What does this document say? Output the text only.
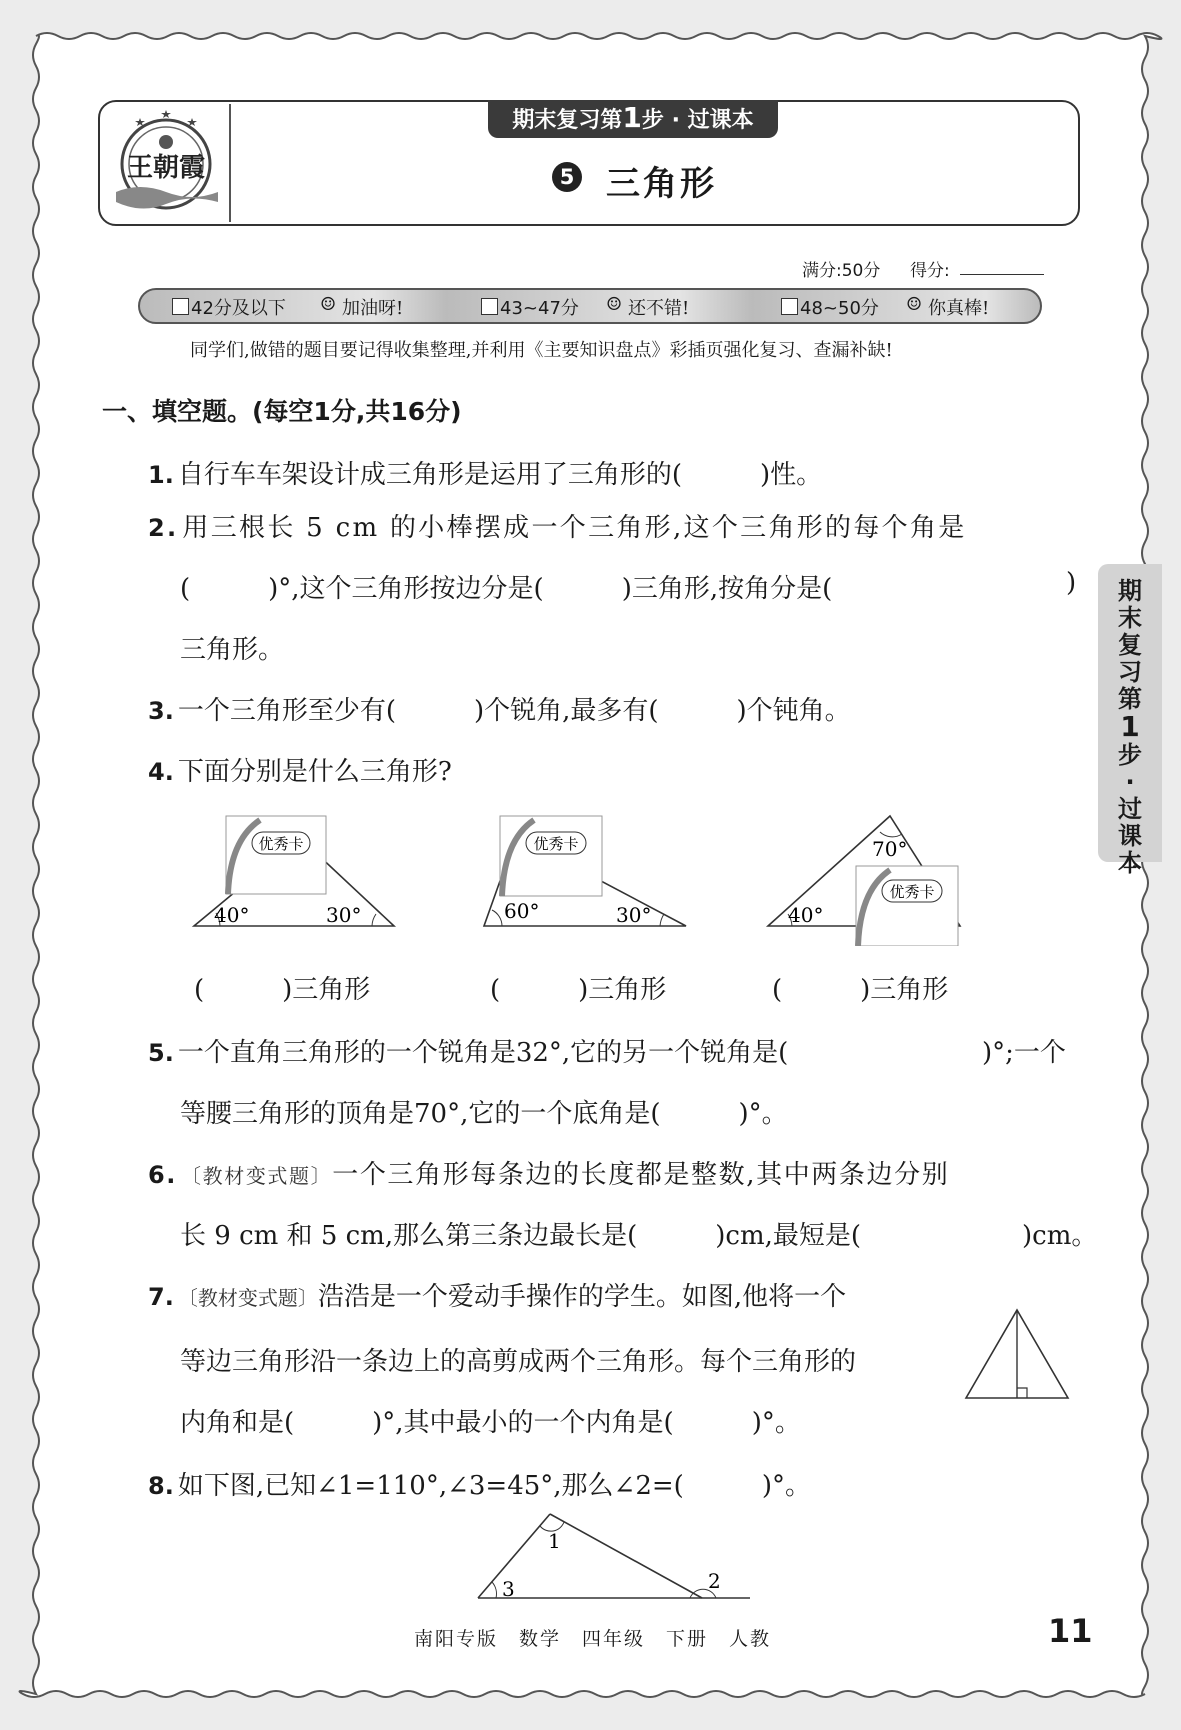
王朝霞
期末复习第1步 · 过课本
5 三角形
满分:50分 得分:
42分及以下 ☺ 加油呀!	43~47分 ☺ 还不错!	48~50分 ☺ 你真棒!
同学们,做错的题目要记得收集整理,并利用《主要知识盘点》彩插页强化复习、查漏补缺!
一、填空题。(每空1分,共16分)
1. 自行车车架设计成三角形是运用了三角形的(　　　)性。
2. 用三根长 5 cm 的小棒摆成一个三角形,这个三角形的每个角是
(　　　)°,这个三角形按边分是(　　　)三角形,按角分是(	)
三角形。
3. 一个三角形至少有(　　　)个锐角,最多有(　　　)个钝角。
4. 下面分别是什么三角形?
优秀卡
40°	30°
优秀卡
60°	30°
优秀卡
40°
70°
(　　　)三角形	(　　　)三角形	(　　　)三角形
5. 一个直角三角形的一个锐角是32°,它的另一个锐角是(	)°;一个
等腰三角形的顶角是70°,它的一个底角是(　　　)°。
6. 〔教材变式题〕一个三角形每条边的长度都是整数,其中两条边分别
长 9 cm 和 5 cm,那么第三条边最长是(　　　)cm,最短是(	)cm。
7. 〔教材变式题〕浩浩是一个爱动手操作的学生。如图,他将一个
等边三角形沿一条边上的高剪成两个三角形。每个三角形的
内角和是(　　　)°,其中最小的一个内角是(　　　)°。
8. 如下图,已知∠1=110°,∠3=45°,那么∠2=(　　　)°。
1
2
3
期
末
复
习
第
1
步
·
过
课
本
南阳专版　数学　四年级　下册　人教	11
